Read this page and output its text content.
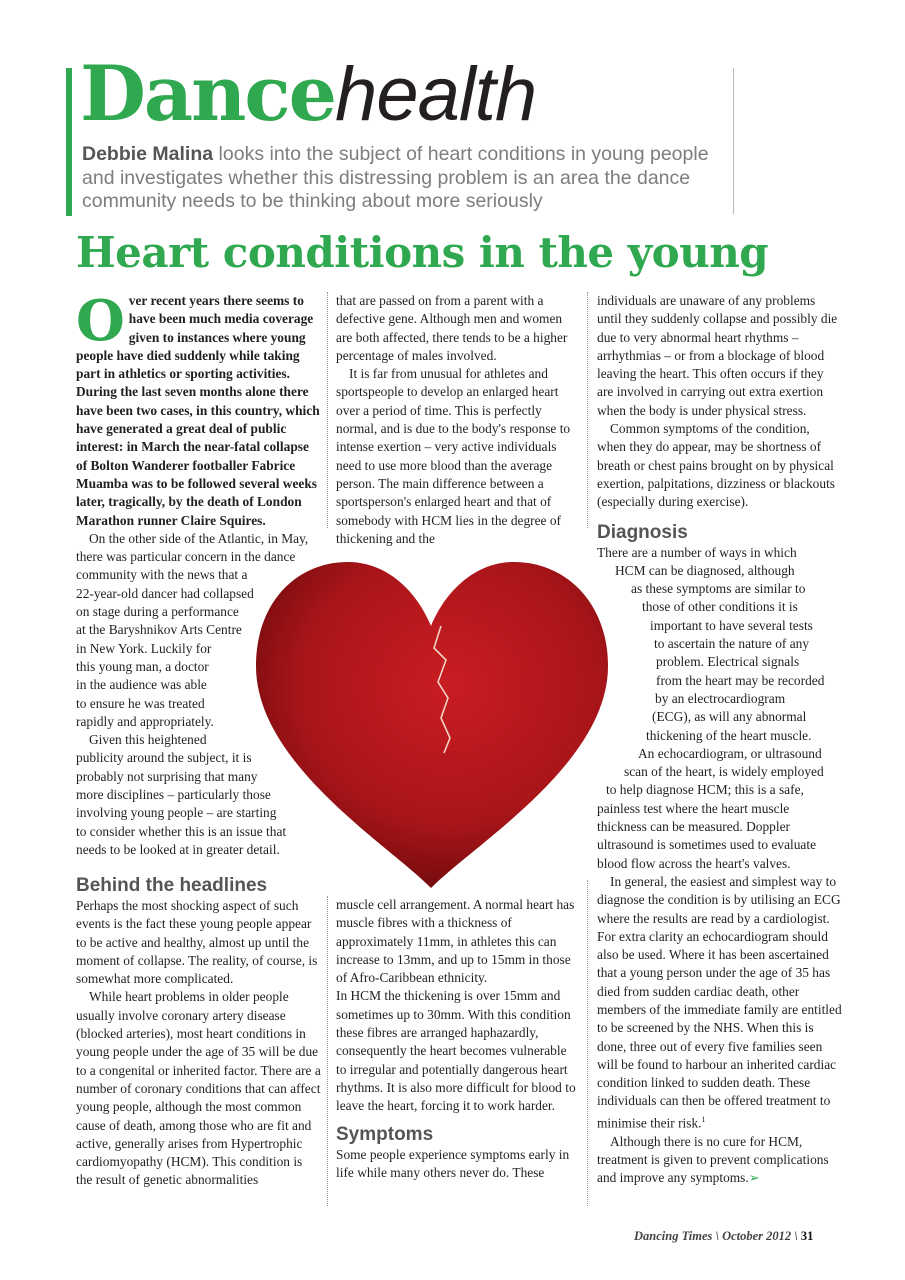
Dancehealth
Debbie Malina looks into the subject of heart conditions in young people and investigates whether this distressing problem is an area the dance community needs to be thinking about more seriously
Heart conditions in the young

Over recent years there seems to have been much media coverage given to instances where young people have died suddenly while taking part in athletics or sporting activities. During the last seven months alone there have been two cases, in this country, which have generated a great deal of public interest: in March the near-fatal collapse of Bolton Wanderer footballer Fabrice Muamba was to be followed several weeks later, tragically, by the death of London Marathon runner Claire Squires.

On the other side of the Atlantic, in May,
there was particular concern in the dance
community with the news that a
22-year-old dancer had collapsed
on stage during a performance
at the Baryshnikov Arts Centre
in New York. Luckily for
this young man, a doctor
in the audience was able
to ensure he was treated
rapidly and appropriately.
Given this heightened
publicity around the subject, it is
probably not surprising that many
more disciplines – particularly those
involving young people – are starting
to consider whether this is an issue that
needs to be looked at in greater detail.
Behind the headlines

Perhaps the most shocking aspect of such events is the fact these young people appear to be active and healthy, almost up until the moment of collapse. The reality, of course, is somewhat more complicated.

While heart problems in older people usually involve coronary artery disease (blocked arteries), most heart conditions in young people under the age of 35 will be due to a congenital or inherited factor. There are a number of coronary conditions that can affect young people, although the most common cause of death, among those who are fit and active, generally arises from Hypertrophic cardiomyopathy (HCM). This condition is the result of genetic abnormalities

that are passed on from a parent with a defective gene. Although men and women are both affected, there tends to be a higher percentage of males involved.

It is far from unusual for athletes and sportspeople to develop an enlarged heart over a period of time. This is perfectly normal, and is due to the body's response to intense exertion – very active individuals need to use more blood than the average person. The main difference between a sportsperson's enlarged heart and that of somebody with HCM lies in the degree of thickening and the

muscle cell arrangement. A normal heart has muscle fibres with a thickness of approximately 11mm, in athletes this can increase to 13mm, and up to 15mm in those of Afro-Caribbean ethnicity.

In HCM the thickening is over 15mm and sometimes up to 30mm. With this condition these fibres are arranged haphazardly, consequently the heart becomes vulnerable to irregular and potentially dangerous heart rhythms. It is also more difficult for blood to leave the heart, forcing it to work harder.

Symptoms

Some people experience symptoms early in life while many others never do. These

individuals are unaware of any problems until they suddenly collapse and possibly die due to very abnormal heart rhythms – arrhythmias – or from a blockage of blood leaving the heart. This often occurs if they are involved in carrying out extra exertion when the body is under physical stress.

Common symptoms of the condition, when they do appear, may be shortness of breath or chest pains brought on by physical exertion, palpitations, dizziness or blackouts (especially during exercise).

Diagnosis
There are a number of ways in which
HCM can be diagnosed, although
as these symptoms are similar to
those of other conditions it is
important to have several tests
to ascertain the nature of any
problem. Electrical signals
from the heart may be recorded
by an electrocardiogram
(ECG), as will any abnormal
thickening of the heart muscle.
An echocardiogram, or ultrasound
scan of the heart, is widely employed
to help diagnose HCM; this is a safe,

painless test where the heart muscle thickness can be measured. Doppler ultrasound is sometimes used to evaluate blood flow across the heart's valves.

In general, the easiest and simplest way to diagnose the condition is by utilising an ECG where the results are read by a cardiologist. For extra clarity an echocardiogram should also be used. Where it has been ascertained that a young person under the age of 35 has died from sudden cardiac death, other members of the immediate family are entitled to be screened by the NHS. When this is done, three out of every five families seen will be found to harbour an inherited cardiac condition linked to sudden death. These individuals can then be offered treatment to minimise their risk.$^1$

Although there is no cure for HCM, treatment is given to prevent complications and improve any symptoms.➢

Dancing Times \ October 2012 \ 31
